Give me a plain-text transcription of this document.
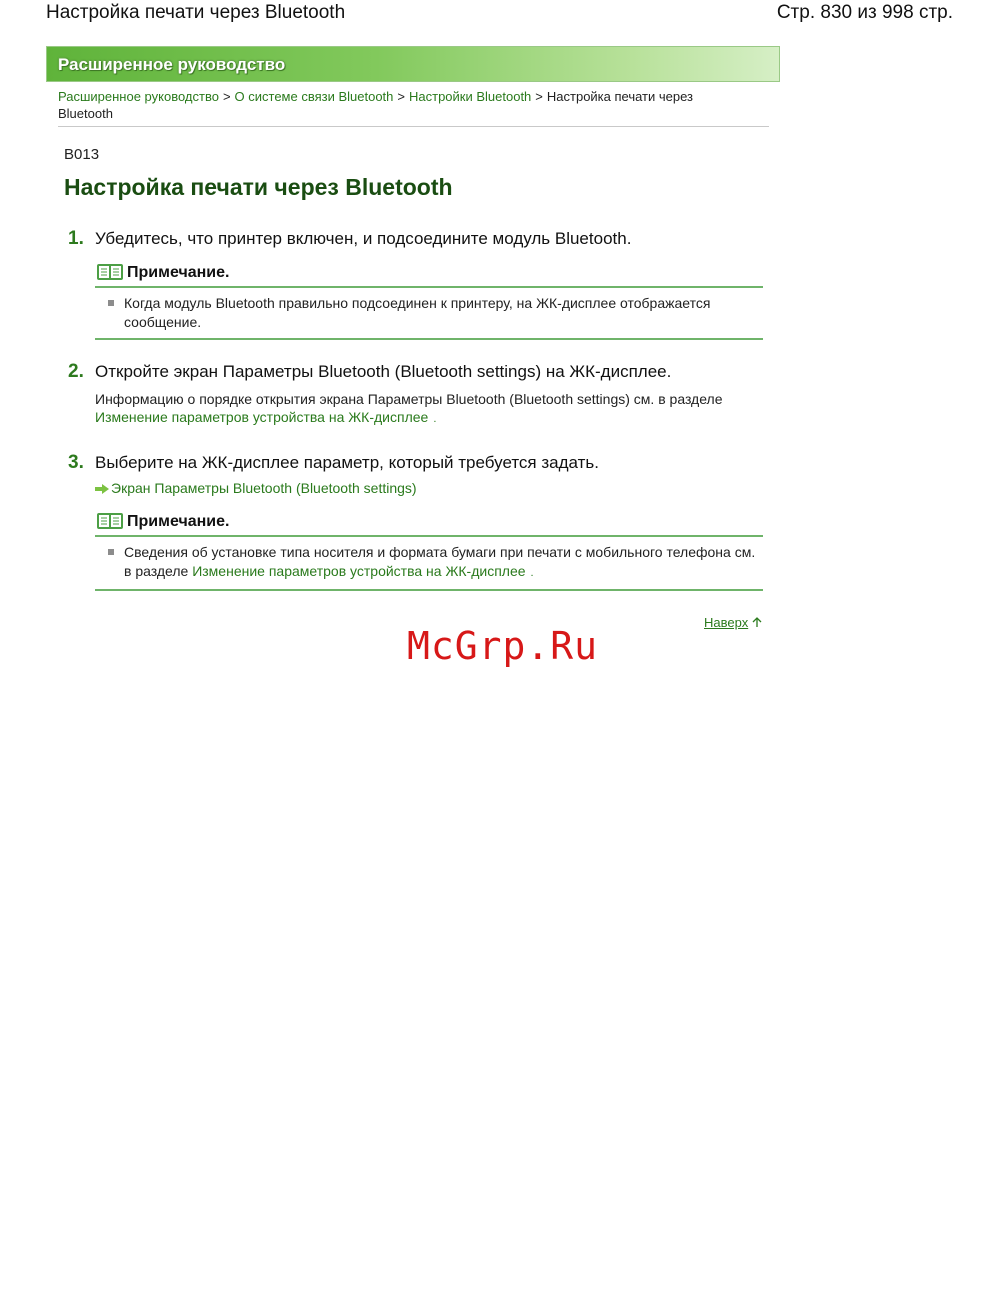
Настройка печати через Bluetooth	Стр. 830 из 998 стр.
Расширенное руководство
Расширенное руководство > О системе связи Bluetooth > Настройки Bluetooth > Настройка печати через Bluetooth
B013
Настройка печати через Bluetooth
1. Убедитесь, что принтер включен, и подсоедините модуль Bluetooth.
Примечание.
Когда модуль Bluetooth правильно подсоединен к принтеру, на ЖК-дисплее отображается сообщение.
2. Откройте экран Параметры Bluetooth (Bluetooth settings) на ЖК-дисплее.
Информацию о порядке открытия экрана Параметры Bluetooth (Bluetooth settings) см. в разделе Изменение параметров устройства на ЖК-дисплее .
3. Выберите на ЖК-дисплее параметр, который требуется задать.
Экран Параметры Bluetooth (Bluetooth settings)
Примечание.
Сведения об установке типа носителя и формата бумаги при печати с мобильного телефона см. в разделе Изменение параметров устройства на ЖК-дисплее .
Наверх
McGrp.Ru
